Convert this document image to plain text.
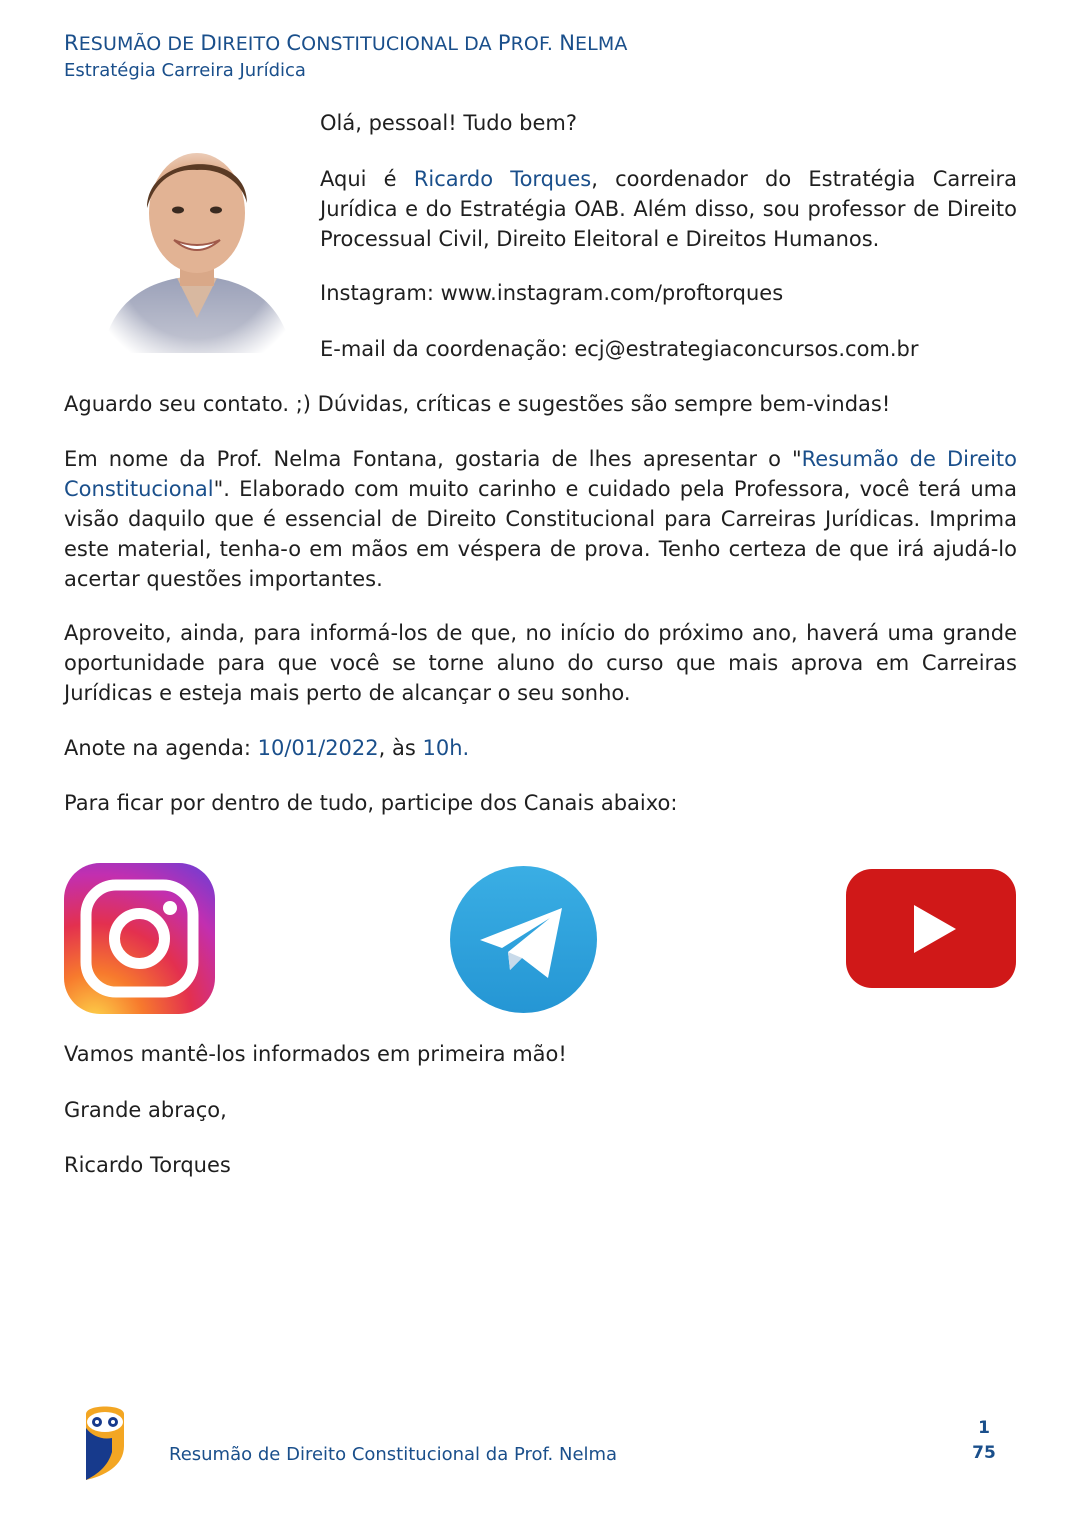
RESUMÃO DE DIREITO CONSTITUCIONAL DA PROF. NELMA
Estratégia Carreira Jurídica

Olá, pessoal! Tudo bem?

Aqui é Ricardo Torques, coordenador do Estratégia Carreira Jurídica e do Estratégia OAB. Além disso, sou professor de Direito Processual Civil, Direito Eleitoral e Direitos Humanos.

Instagram: www.instagram.com/proftorques

E-mail da coordenação: ecj@estrategiaconcursos.com.br

Aguardo seu contato. ;) Dúvidas, críticas e sugestões são sempre bem-vindas!

Em nome da Prof. Nelma Fontana, gostaria de lhes apresentar o "Resumão de Direito Constitucional". Elaborado com muito carinho e cuidado pela Professora, você terá uma visão daquilo que é essencial de Direito Constitucional para Carreiras Jurídicas. Imprima este material, tenha-o em mãos em véspera de prova. Tenho certeza de que irá ajudá-lo acertar questões importantes.

Aproveito, ainda, para informá-los de que, no início do próximo ano, haverá uma grande oportunidade para que você se torne aluno do curso que mais aprova em Carreiras Jurídicas e esteja mais perto de alcançar o seu sonho.

Anote na agenda: 10/01/2022, às 10h.

Para ficar por dentro de tudo, participe dos Canais abaixo:

Vamos mantê-los informados em primeira mão!

Grande abraço,

Ricardo Torques

Resumão de Direito Constitucional da Prof. Nelma
1
75
